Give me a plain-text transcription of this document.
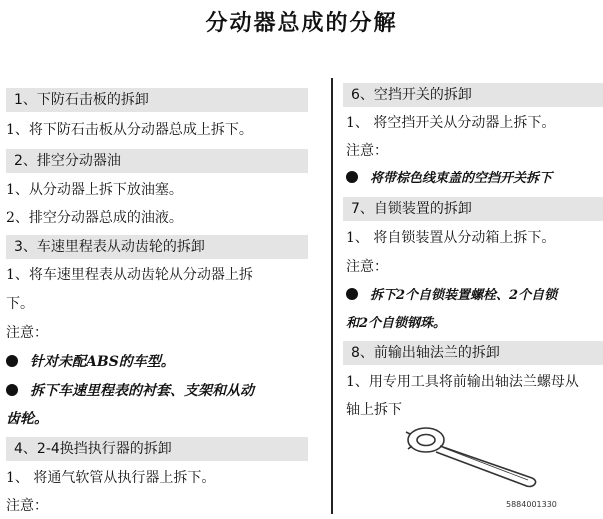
分动器总成的分解
1、下防石击板的拆卸
1、将下防石击板从分动器总成上拆下。
2、排空分动器油
1、从分动器上拆下放油塞。
2、排空分动器总成的油液。
3、车速里程表从动齿轮的拆卸
1、将车速里程表从动齿轮从分动器上拆
下。
注意：
针对未配ABS的车型。
拆下车速里程表的衬套、支架和从动
齿轮。
4、2-4换挡执行器的拆卸
1、 将通气软管从执行器上拆下。
注意：
6、空挡开关的拆卸
1、 将空挡开关从分动器上拆下。
注意：
将带棕色线束盖的空挡开关拆下
7、自锁装置的拆卸
1、 将自锁装置从分动箱上拆下。
注意：
拆下2个自锁装置螺栓、2个自锁
和2个自锁钢珠。
8、前输出轴法兰的拆卸
1、用专用工具将前输出轴法兰螺母从
轴上拆下
5884001330
